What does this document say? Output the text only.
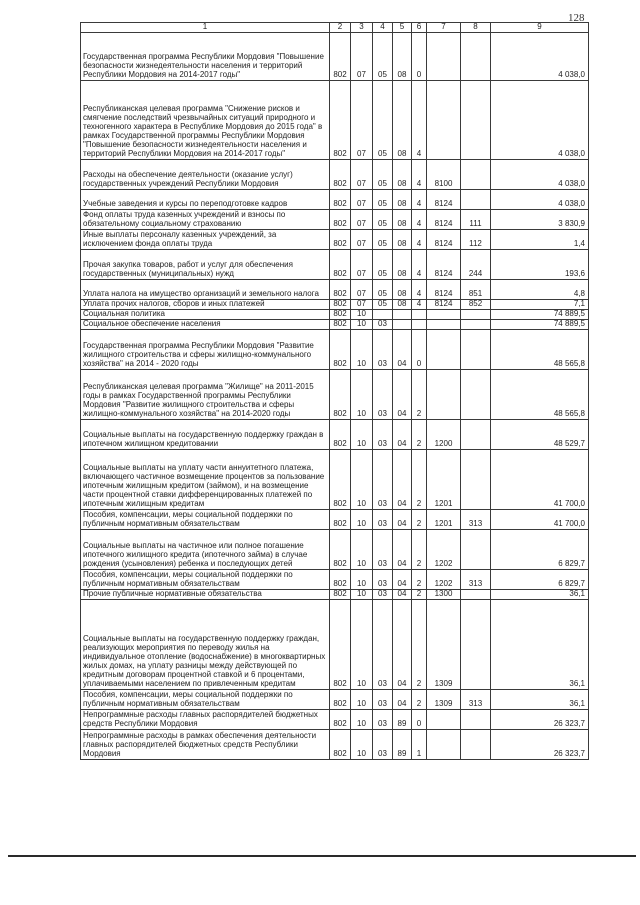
128
1	2	3	4	5	6	7	8	9
Государственная программа Республики Мордовия "Повышение безопасности жизнедеятельности населения и территорий Республики Мордовия на 2014-2017 годы"	802	07	05	08	0			4 038,0
Республиканская целевая программа "Снижение рисков и смягчение последствий чрезвычайных ситуаций природного и техногенного характера в Республике Мордовия до 2015 года" в рамках Государственной программы Республики Мордовия "Повышение безопасности жизнедеятельности населения и территорий Республики Мордовия на 2014-2017 годы"	802	07	05	08	4			4 038,0
Расходы на обеспечение деятельности (оказание услуг) государственных учреждений Республики Мордовия	802	07	05	08	4	8100		4 038,0
Учебные заведения и курсы по переподготовке кадров	802	07	05	08	4	8124		4 038,0
Фонд оплаты труда казенных учреждений и взносы по обязательному социальному страхованию	802	07	05	08	4	8124	111	3 830,9
Иные выплаты персоналу казенных учреждений, за исключением фонда оплаты труда	802	07	05	08	4	8124	112	1,4
Прочая закупка товаров, работ и услуг для обеспечения государственных (муниципальных) нужд	802	07	05	08	4	8124	244	193,6
Уплата налога на имущество организаций и земельного налога	802	07	05	08	4	8124	851	4,8
Уплата прочих налогов, сборов и иных платежей	802	07	05	08	4	8124	852	7,1
Социальная политика	802	10						74 889,5
Социальное обеспечение населения	802	10	03					74 889,5
Государственная программа Республики Мордовия "Развитие жилищного строительства и сферы жилищно-коммунального хозяйства" на 2014 - 2020 годы	802	10	03	04	0			48 565,8
Республиканская целевая программа "Жилище" на 2011-2015 годы в рамках Государственной программы Республики Мордовия "Развитие жилищного строительства и сферы жилищно-коммунального хозяйства" на 2014-2020 годы	802	10	03	04	2			48 565,8
Социальные выплаты на государственную поддержку граждан в ипотечном жилищном кредитовании	802	10	03	04	2	1200		48 529,7
Социальные выплаты на уплату части аннуитетного платежа, включающего частичное возмещение процентов за пользование ипотечным жилищным кредитом (займом), и на возмещение части процентной ставки дифференцированных платежей по ипотечным жилищным кредитам	802	10	03	04	2	1201		41 700,0
Пособия, компенсации, меры социальной поддержки по публичным нормативным обязательствам	802	10	03	04	2	1201	313	41 700,0
Социальные выплаты на частичное или полное погашение ипотечного жилищного кредита (ипотечного займа) в случае рождения (усыновления) ребенка и последующих детей	802	10	03	04	2	1202		6 829,7
Пособия, компенсации, меры социальной поддержки по публичным нормативным обязательствам	802	10	03	04	2	1202	313	6 829,7
Прочие публичные нормативные обязательства	802	10	03	04	2	1300		36,1
Социальные выплаты на государственную поддержку граждан, реализующих мероприятия по переводу жилья на индивидуальное отопление (водоснабжение) в многоквартирных жилых домах, на уплату разницы между действующей по кредитным договорам процентной ставкой и 6 процентами, уплачиваемыми населением по привлеченным кредитам	802	10	03	04	2	1309		36,1
Пособия, компенсации, меры социальной поддержки по публичным нормативным обязательствам	802	10	03	04	2	1309	313	36,1
Непрограммные расходы главных распорядителей бюджетных средств Республики Мордовия	802	10	03	89	0			26 323,7
Непрограммные расходы в рамках обеспечения деятельности главных распорядителей бюджетных средств Республики Мордовия	802	10	03	89	1			26 323,7
